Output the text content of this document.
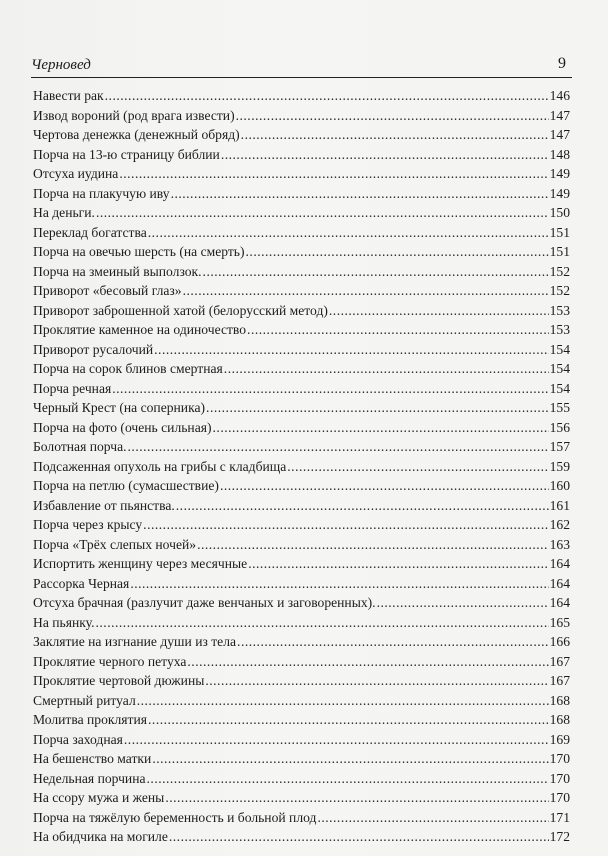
Черновед	9
Навести рак .....	146
Извод вороний (род врага извести) .....	147
Чертова денежка (денежный обряд) .....	147
Порча на 13-ю страницу библии .....	148
Отсуха иудина .....	149
Порча на плакучую иву .....	149
На деньги. .....	150
Переклад богатства .....	151
Порча на овечью шерсть (на смерть) .....	151
Порча на змеиный выползок. .....	152
Приворот «бесовый глаз» .....	152
Приворот заброшенной хатой (белорусский метод) .....	153
Проклятие каменное на одиночество .....	153
Приворот русалочий .....	154
Порча на сорок блинов смертная .....	154
Порча речная .....	154
Черный Крест (на соперника) .....	155
Порча на фото (очень сильная) .....	156
Болотная порча. .....	157
Подсаженная опухоль на грибы с кладбища .....	159
Порча на петлю (сумасшествие) .....	160
Избавление от пьянства. .....	161
Порча через крысу .....	162
Порча «Трёх слепых ночей» .....	163
Испортить женщину через месячные .....	164
Рассорка Черная .....	164
Отсуха брачная (разлучит даже венчаных и заговоренных). .....	164
На пьянку. .....	165
Заклятие на изгнание души из тела .....	166
Проклятие черного петуха .....	167
Проклятие чертовой дюжины .....	167
Смертный ритуал .....	168
Молитва проклятия .....	168
Порча заходная .....	169
На бешенство матки .....	170
Недельная порчина .....	170
На ссору мужа и жены .....	170
Порча на тяжёлую беременность и больной плод .....	171
На обидчика на могиле .....	172
